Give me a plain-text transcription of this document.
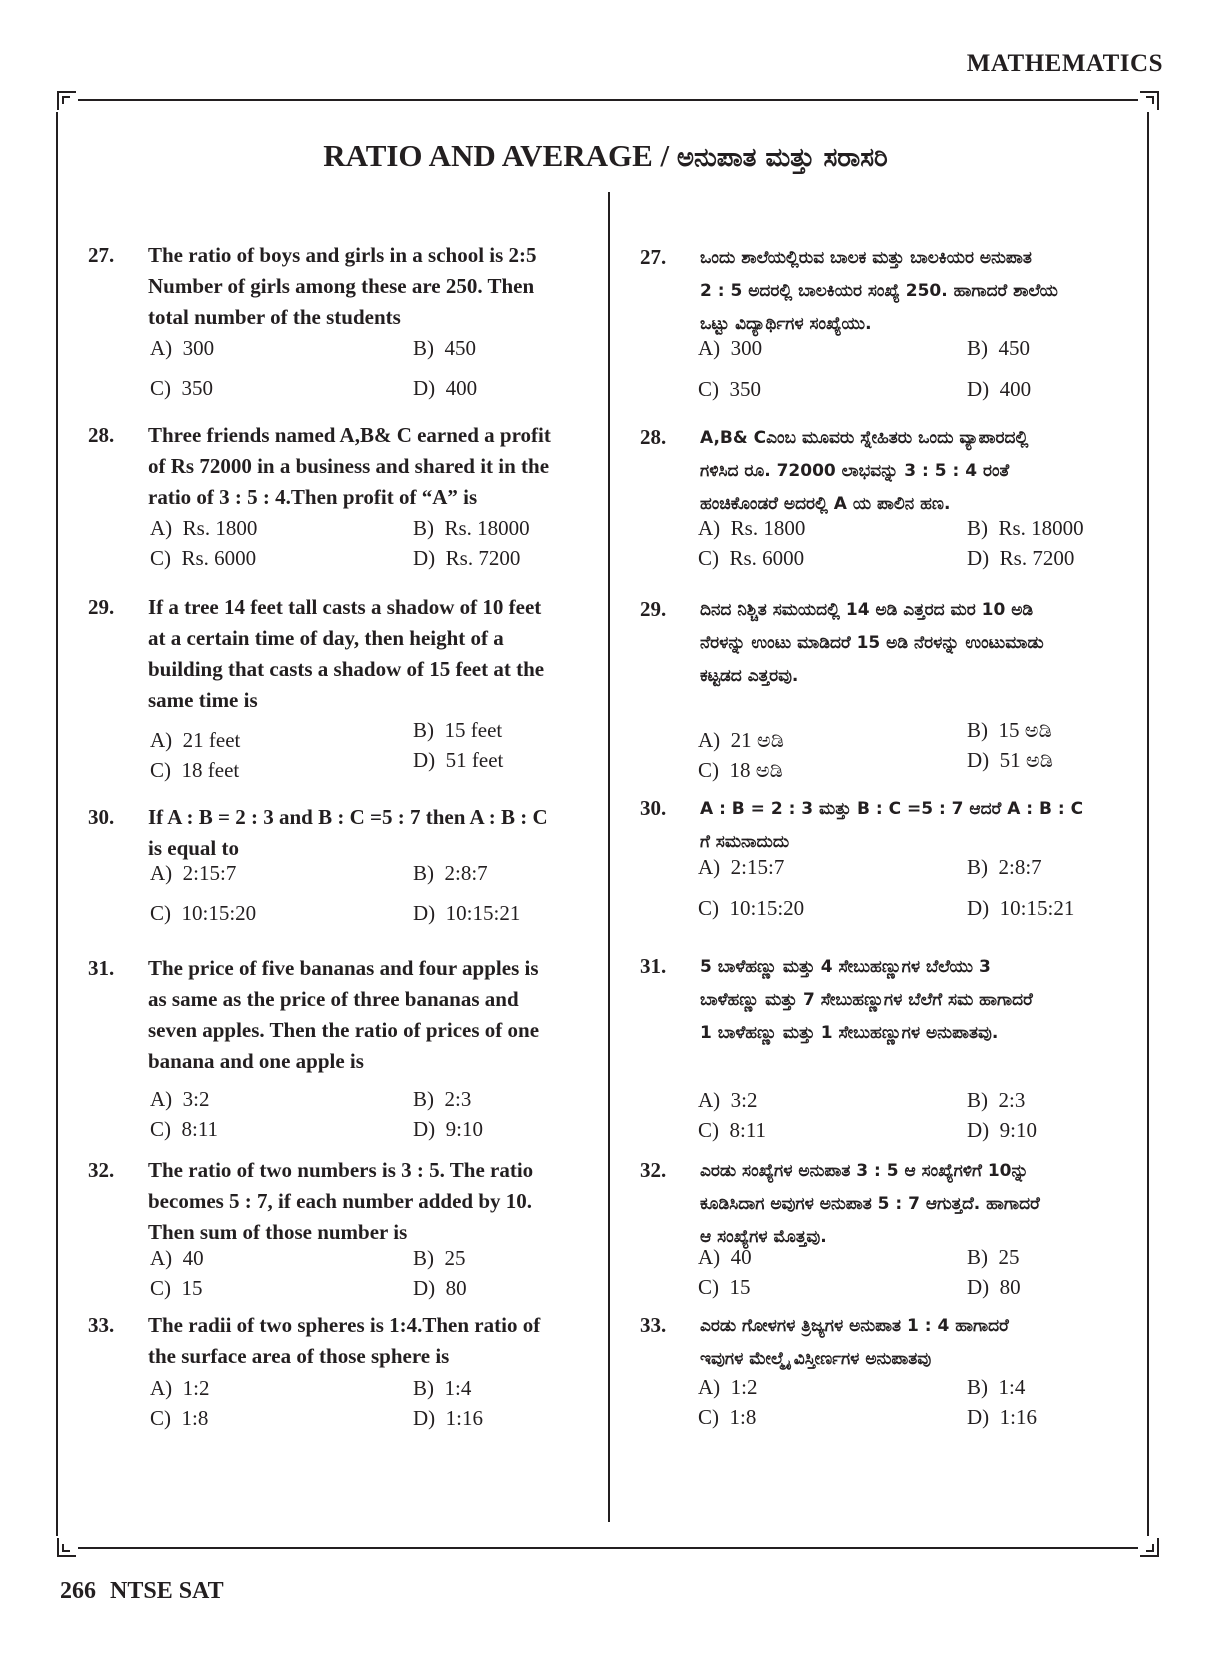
MATHEMATICS
RATIO AND AVERAGE / ಅನುಪಾತ ಮತ್ತು ಸರಾಸರಿ
27. The ratio of boys and girls in a school is 2:5
Number of girls among these are 250. Then
total number of the students
A)  300	B)  450
C)  350	D)  400
28. Three friends named A,B& C earned a profit
of Rs 72000 in a business and shared it in the
ratio of 3 : 5 : 4.Then profit of “A” is
A)  Rs. 1800	B)  Rs. 18000
C)  Rs. 6000	D)  Rs. 7200
29. If a tree 14 feet tall casts a shadow of 10 feet
at a certain time of day, then height of a
building that casts a shadow of 15 feet at the
same time is
A)  21 feet	B)  15 feet
C)  18 feet	D)  51 feet
30. If A : B = 2 : 3 and B : C =5 : 7 then A : B : C
is equal to
A)  2:15:7	B)  2:8:7
C)  10:15:20	D)  10:15:21
31. The price of five bananas and four apples is
as same as the price of three bananas and
seven apples. Then the ratio of prices of one
banana and one apple is
A)  3:2	B)  2:3
C)  8:11	D)  9:10
32. The ratio of two numbers is 3 : 5. The ratio
becomes 5 : 7, if each number added by 10.
Then sum of those number is
A)  40	B)  25
C)  15	D)  80
33. The radii of two spheres is 1:4.Then ratio of
the surface area of those sphere is
A)  1:2	B)  1:4
C)  1:8	D)  1:16
27. ಒಂದು ಶಾಲೆಯಲ್ಲಿರುವ ಬಾಲಕ ಮತ್ತು ಬಾಲಕಿಯರ ಅನುಪಾತ
2 : 5 ಅದರಲ್ಲಿ ಬಾಲಕಿಯರ ಸಂಖ್ಯೆ 250. ಹಾಗಾದರೆ ಶಾಲೆಯ
ಒಟ್ಟು ವಿದ್ಯಾರ್ಥಿಗಳ ಸಂಖ್ಯೆಯು.
A)  300	B)  450
C)  350	D)  400
28. A,B& Cಎಂಬ ಮೂವರು ಸ್ನೇಹಿತರು ಒಂದು ವ್ಯಾಪಾರದಲ್ಲಿ
ಗಳಿಸಿದ ರೂ. 72000 ಲಾಭವನ್ನು 3 : 5 : 4 ರಂತೆ
ಹಂಚಿಕೊಂಡರೆ ಅದರಲ್ಲಿ A ಯ ಪಾಲಿನ ಹಣ.
A)  Rs. 1800	B)  Rs. 18000
C)  Rs. 6000	D)  Rs. 7200
29. ದಿನದ ನಿಶ್ಚಿತ ಸಮಯದಲ್ಲಿ 14 ಅಡಿ ಎತ್ತರದ ಮರ 10 ಅಡಿ
ನೆರಳನ್ನು ಉಂಟು ಮಾಡಿದರೆ 15 ಅಡಿ ನೆರಳನ್ನು ಉಂಟುಮಾಡು
ಕಟ್ಟಡದ ಎತ್ತರವು.
A)  21 ಅಡಿ	B)  15 ಅಡಿ
C)  18 ಅಡಿ	D)  51 ಅಡಿ
30. A : B = 2 : 3 ಮತ್ತು B : C =5 : 7 ಆದರೆ A : B : C
ಗೆ ಸಮನಾದುದು
A)  2:15:7	B)  2:8:7
C)  10:15:20	D)  10:15:21
31. 5 ಬಾಳೆಹಣ್ಣು ಮತ್ತು 4 ಸೇಬುಹಣ್ಣುಗಳ ಬೆಲೆಯು 3
ಬಾಳೆಹಣ್ಣು ಮತ್ತು 7 ಸೇಬುಹಣ್ಣುಗಳ ಬೆಲೆಗೆ ಸಮ ಹಾಗಾದರೆ
1 ಬಾಳೆಹಣ್ಣು ಮತ್ತು 1 ಸೇಬುಹಣ್ಣುಗಳ ಅನುಪಾತವು.
A)  3:2	B)  2:3
C)  8:11	D)  9:10
32. ಎರಡು ಸಂಖ್ಯೆಗಳ ಅನುಪಾತ 3 : 5 ಆ ಸಂಖ್ಯೆಗಳಿಗೆ 10ನ್ನು
ಕೂಡಿಸಿದಾಗ ಅವುಗಳ ಅನುಪಾತ 5 : 7 ಆಗುತ್ತದೆ. ಹಾಗಾದರೆ
ಆ ಸಂಖ್ಯೆಗಳ ಮೊತ್ತವು.
A)  40	B)  25
C)  15	D)  80
33. ಎರಡು ಗೋಳಗಳ ತ್ರಿಜ್ಯಗಳ ಅನುಪಾತ 1 : 4 ಹಾಗಾದರೆ
ಇವುಗಳ ಮೇಲ್ಮೈ ವಿಸ್ತೀರ್ಣಗಳ ಅನುಪಾತವು
A)  1:2	B)  1:4
C)  1:8	D)  1:16
266 NTSE SAT
